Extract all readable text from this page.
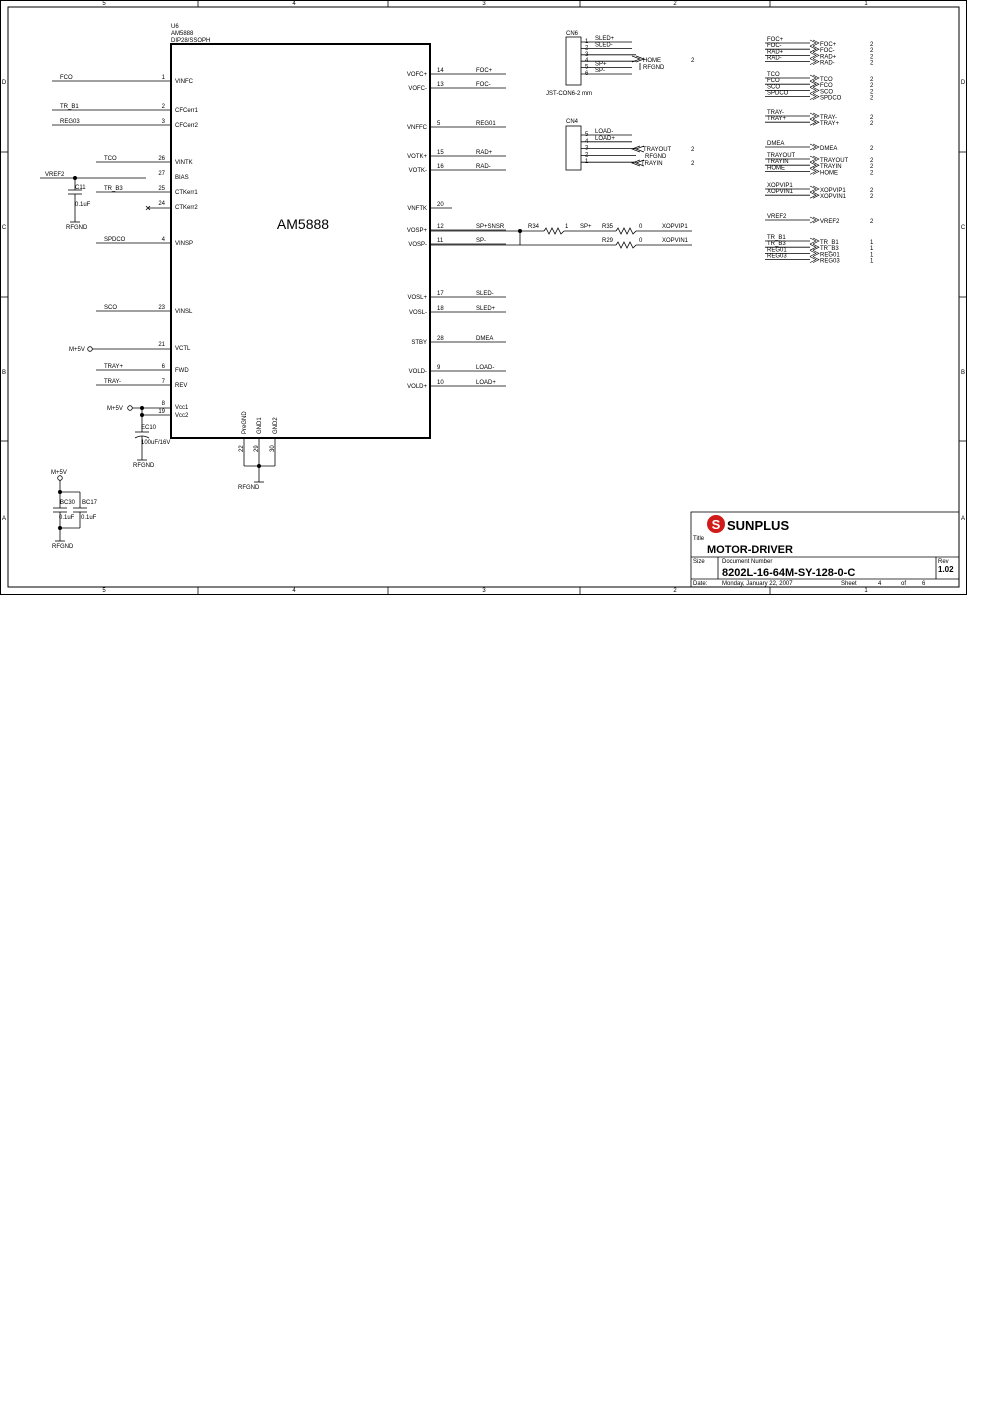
5	4	3	2	1
5	4	3	2	1
D
C
B
A
D
C
B
A
U6
AM5888
DIP28/SSOPH
AM5888
FCO	1
VINFC
TR_B1	2
CFCerr1
REG03	3
CFCerr2
TCO	26
VINTK
27
BIAS
TR_B3	25
CTKerr1
24
CTKerr2
SPDCO	4
VINSP
SCO	23
VINSL
21
VCTL
TRAY+	6
FWD
TRAY-	7
REV
8
Vcc1
19
Vcc2
VOFC+
14	FOC+
VOFC-
13	FOC-
VNFFC
5	REG01
VOTK+
15	RAD+
VOTK-
16	RAD-
VNFTK
20
VOSP+
12	SP+SNSR
VOSP-
11	SP-
VOSL+
17	SLED-
VOSL-
18	SLED+
STBY
28	DMEA
VOLD-
9	LOAD-
VOLD+
10	LOAD+
PreGND
22
GND1
29
GND2
30
VREF2
C11
0.1uF
RFGND
M+5V
M+5V
EC10
100uF/16V
RFGND
RFGND
M+5V
BC30 BC17
0.1uF 0.1uF
RFGND
R34	1 SP+ R35	0	XOPVIP1
R29	0	XOPVIN1
CN6
JST-CON6-2 mm
1 SLED+
2 SLED-
3
4
5 SP+
6 SP-
HOME
RFGND
2
CN4
5 LOAD-
4 LOAD+
3
2
1
TRAYOUT
RFGND
TRAYIN
2
2
FOC+
FOC+	2
FOC-
FOC-	2
RAD+
RAD+	2
RAD-
RAD-	2
TCO
TCO	2
FCO
FCO	2
SCO
SCO	2
SPDCO
SPDCO	2
TRAY-
TRAY-	2
TRAY+
TRAY+	2
DMEA
DMEA	2
TRAYOUT
TRAYOUT	2
TRAYIN
TRAYIN	2
HOME
HOME	2
XOPVIP1
XOPVIP1	2
XOPVIN1
XOPVIN1	2
VREF2
VREF2	2
TR_B1
TR_B1	1
TR_B3
TR_B3	1
REG01
REG01	1
REG03
REG03	1
S SUNPLUS
Title
MOTOR-DRIVER
Size	Document Number
8202L-16-64M-SY-128-0-C
Rev
1.02
Date: Monday, January 22, 2007	Sheet	4	of	6
